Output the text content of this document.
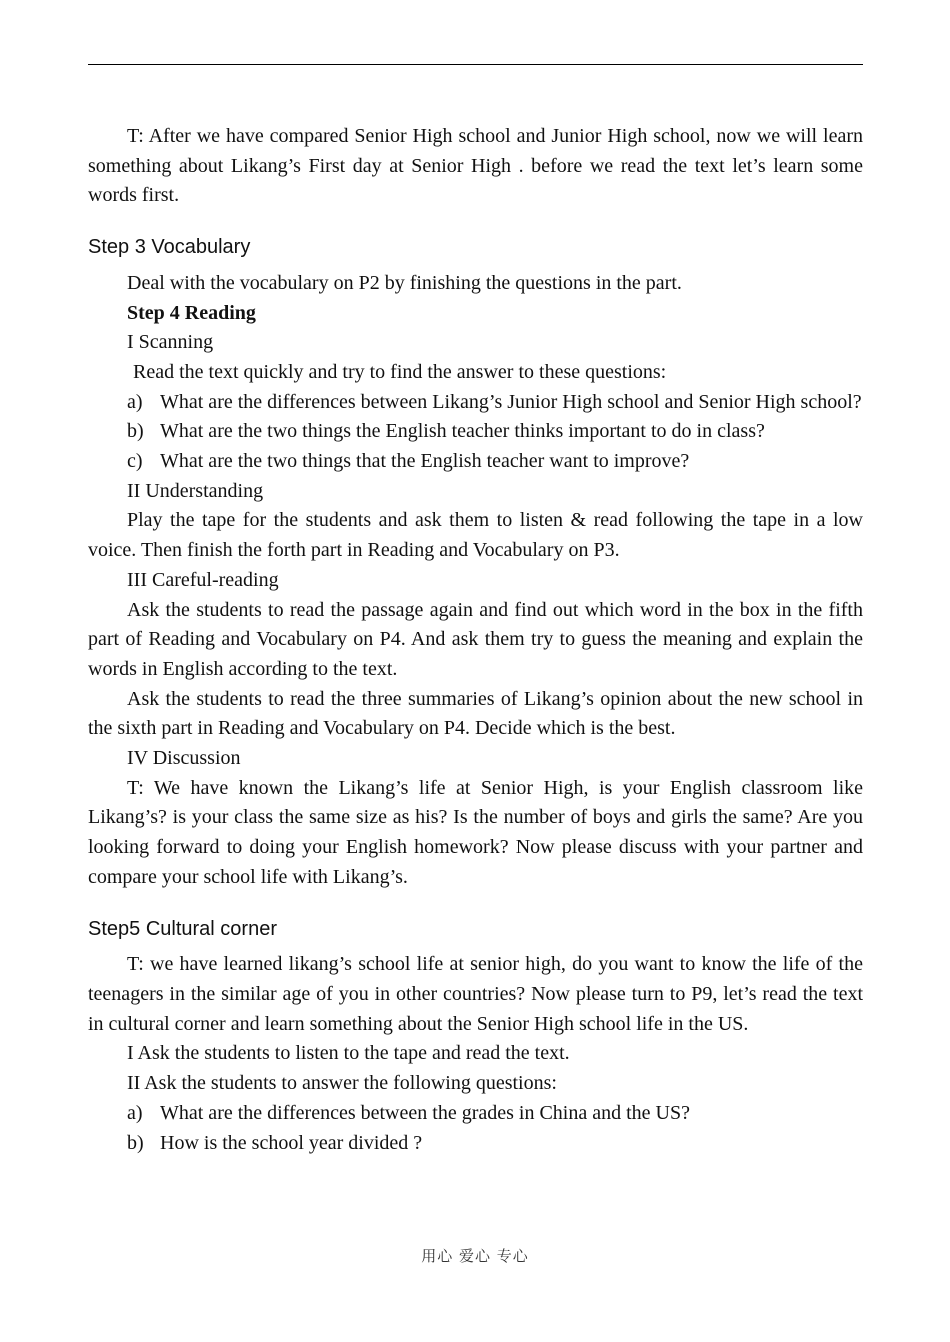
T: After we have compared Senior High school and Junior High school, now we will learn something about Likang’s First day at Senior High . before we read the text let’s learn some words first.

Step 3 Vocabulary

Deal with the vocabulary on P2 by finishing the questions in the part.

Step 4 Reading

I Scanning

Read the text quickly and try to find the answer to these questions:

a) What are the differences between Likang’s Junior High school and Senior High school?
b) What are the two things the English teacher thinks important to do in class?
c) What are the two things that the English teacher want to improve?

II Understanding

Play the tape for the students and ask them to listen & read following the tape in a low voice. Then finish the forth part in Reading and Vocabulary on P3.

III Careful-reading

Ask the students to read the passage again and find out which word in the box in the fifth part of Reading and Vocabulary on P4. And ask them try to guess the meaning and explain the words in English according to the text.

Ask the students to read the three summaries of Likang’s opinion about the new school in the sixth part in Reading and Vocabulary on P4. Decide which is the best.

IV Discussion

T: We have known the Likang’s life at Senior High, is your English classroom like Likang’s? is your class the same size as his? Is the number of boys and girls the same? Are you looking forward to doing your English homework? Now please discuss with your partner and compare your school life with Likang’s.

Step5 Cultural corner

T: we have learned likang’s school life at senior high, do you want to know the life of the teenagers in the similar age of you in other countries? Now please turn to P9, let’s read the text in cultural corner and learn something about the Senior High school life in the US.

I Ask the students to listen to the tape and read the text.

II Ask the students to answer the following questions:

a) What are the differences between the grades in China and the US?
b) How is the school year divided ?
用心 爱心 专心
